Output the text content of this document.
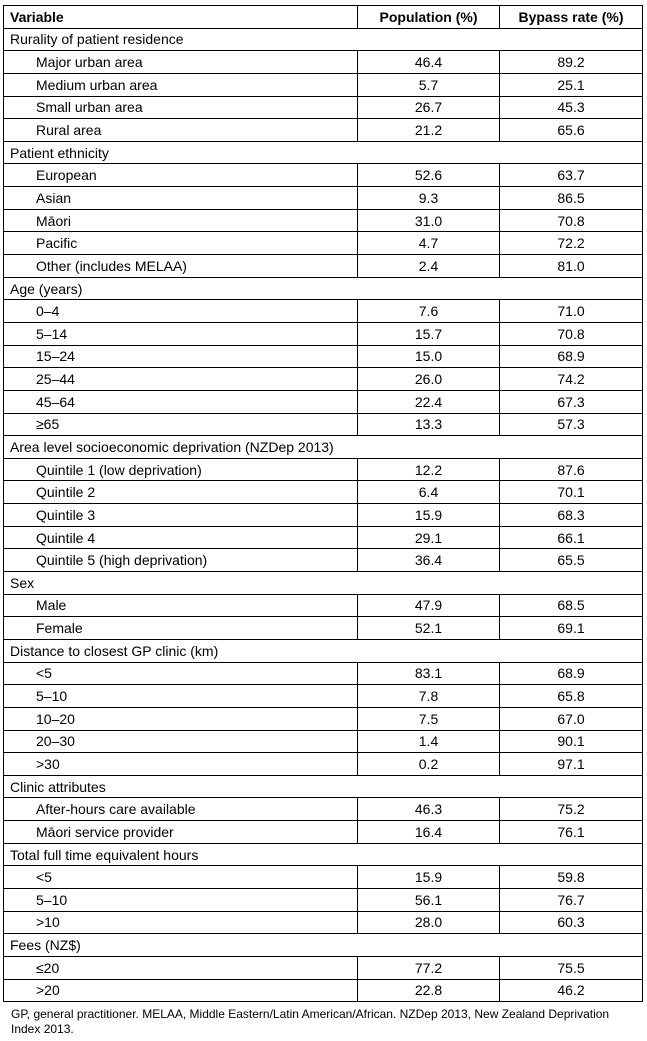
Variable	Population (%)	Bypass rate (%)
Rurality of patient residence		
Major urban area	46.4	89.2
Medium urban area	5.7	25.1
Small urban area	26.7	45.3
Rural area	21.2	65.6
Patient ethnicity		
European	52.6	63.7
Asian	9.3	86.5
Māori	31.0	70.8
Pacific	4.7	72.2
Other (includes MELAA)	2.4	81.0
Age (years)		
0–4	7.6	71.0
5–14	15.7	70.8
15–24	15.0	68.9
25–44	26.0	74.2
45–64	22.4	67.3
≥65	13.3	57.3
Area level socioeconomic deprivation (NZDep 2013)		
Quintile 1 (low deprivation)	12.2	87.6
Quintile 2	6.4	70.1
Quintile 3	15.9	68.3
Quintile 4	29.1	66.1
Quintile 5 (high deprivation)	36.4	65.5
Sex		
Male	47.9	68.5
Female	52.1	69.1
Distance to closest GP clinic (km)		
<5	83.1	68.9
5–10	7.8	65.8
10–20	7.5	67.0
20–30	1.4	90.1
>30	0.2	97.1
Clinic attributes		
After-hours care available	46.3	75.2
Māori service provider	16.4	76.1
Total full time equivalent hours		
<5	15.9	59.8
5–10	56.1	76.7
>10	28.0	60.3
Fees (NZ$)		
≤20	77.2	75.5
>20	22.8	46.2
GP, general practitioner. MELAA, Middle Eastern/Latin American/African. NZDep 2013, New Zealand Deprivation Index 2013.
